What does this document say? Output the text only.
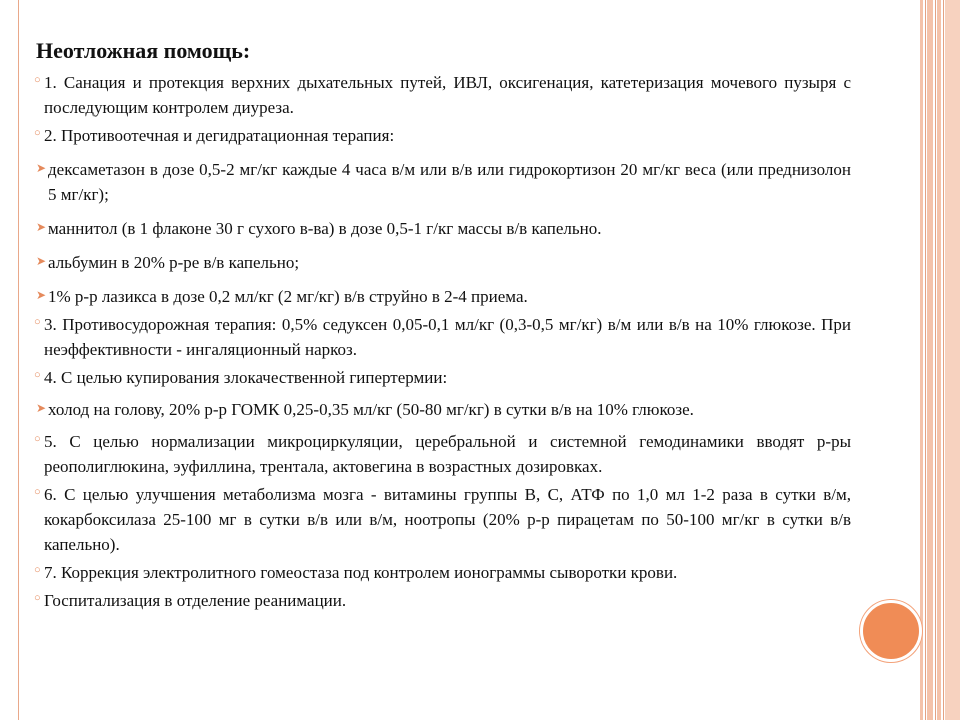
Неотложная помощь:
○ 1. Санация и протекция верхних дыхательных путей, ИВЛ, оксигенация, катетеризация мочевого пузыря с последующим контролем диуреза.
○ 2. Противоотечная и дегидратационная терапия:
➤ дексаметазон в дозе 0,5-2 мг/кг каждые 4 часа в/м или в/в или гидрокортизон 20 мг/кг веса (или преднизолон 5 мг/кг);
➤ маннитол (в 1 флаконе 30 г сухого в-ва) в дозе 0,5-1 г/кг массы в/в капельно.
➤ альбумин в 20% р-ре в/в капельно;
➤ 1% р-р лазикса в дозе 0,2 мл/кг (2 мг/кг) в/в струйно в 2-4 приема.
○ 3. Противосудорожная терапия: 0,5% седуксен 0,05-0,1 мл/кг (0,3-0,5 мг/кг) в/м или в/в на 10% глюкозе. При неэффективности - ингаляционный наркоз.
○ 4. С целью купирования злокачественной гипертермии:
➤ холод на голову, 20% р-р ГОМК 0,25-0,35 мл/кг (50-80 мг/кг) в сутки в/в на 10% глюкозе.
○ 5. С целью нормализации микроциркуляции, церебральной и системной гемодинамики вводят р-ры реополиглюкина, эуфиллина, трентала, актовегина в возрастных дозировках.
○ 6. С целью улучшения метаболизма мозга - витамины группы В, С, АТФ по 1,0 мл 1-2 раза в сутки в/м, кокарбоксилаза 25-100 мг в сутки в/в или в/м, ноотропы (20% р-р пирацетам по 50-100 мг/кг в сутки в/в капельно).
○ 7. Коррекция электролитного гомеостаза под контролем ионограммы сыворотки крови.
○ Госпитализация в отделение реанимации.
